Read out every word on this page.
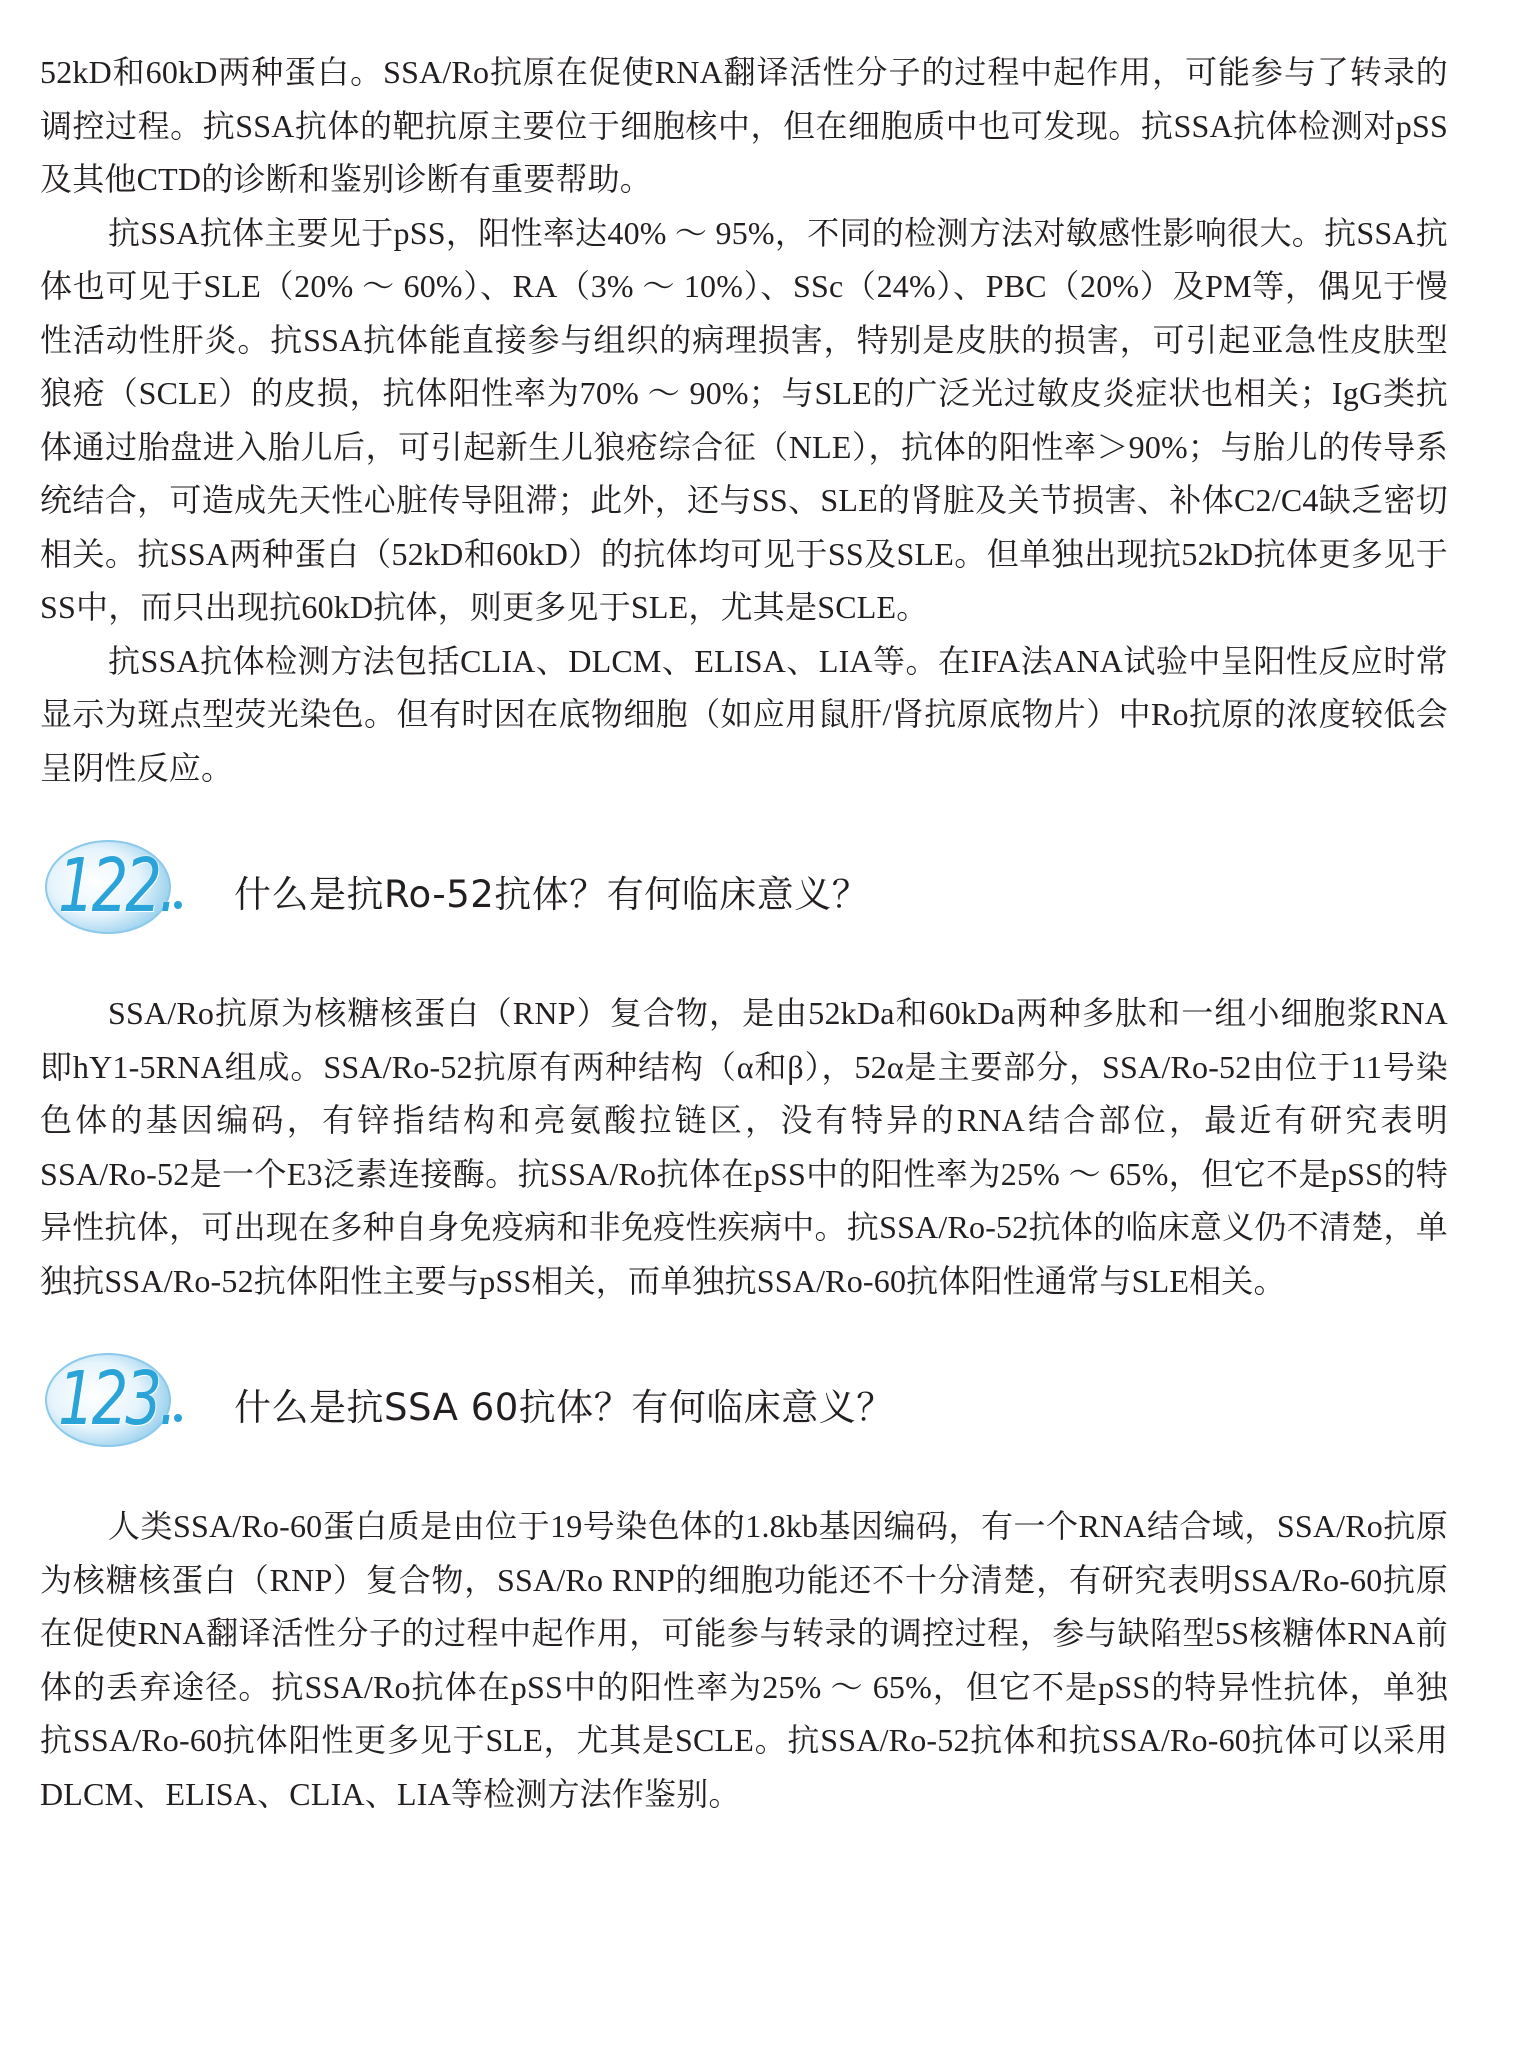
52kD和60kD两种蛋白。SSA/Ro抗原在促使RNA翻译活性分子的过程中起作用，可能参与了转录的调控过程。抗SSA抗体的靶抗原主要位于细胞核中，但在细胞质中也可发现。抗SSA抗体检测对pSS及其他CTD的诊断和鉴别诊断有重要帮助。

抗SSA抗体主要见于pSS，阳性率达40% ～ 95%，不同的检测方法对敏感性影响很大。抗SSA抗体也可见于SLE（20% ～ 60%）、RA（3% ～ 10%）、SSc（24%）、PBC（20%）及PM等，偶见于慢性活动性肝炎。抗SSA抗体能直接参与组织的病理损害，特别是皮肤的损害，可引起亚急性皮肤型狼疮（SCLE）的皮损，抗体阳性率为70% ～ 90%；与SLE的广泛光过敏皮炎症状也相关；IgG类抗体通过胎盘进入胎儿后，可引起新生儿狼疮综合征（NLE），抗体的阳性率＞90%；与胎儿的传导系统结合，可造成先天性心脏传导阻滞；此外，还与SS、SLE的肾脏及关节损害、补体C2/C4缺乏密切相关。抗SSA两种蛋白（52kD和60kD）的抗体均可见于SS及SLE。但单独出现抗52kD抗体更多见于SS中，而只出现抗60kD抗体，则更多见于SLE，尤其是SCLE。

抗SSA抗体检测方法包括CLIA、DLCM、ELISA、LIA等。在IFA法ANA试验中呈阳性反应时常显示为斑点型荧光染色。但有时因在底物细胞（如应用鼠肝/肾抗原底物片）中Ro抗原的浓度较低会呈阴性反应。

122. 什么是抗Ro-52抗体？有何临床意义？

SSA/Ro抗原为核糖核蛋白（RNP）复合物，是由52kDa和60kDa两种多肽和一组小细胞浆RNA即hY1-5RNA组成。SSA/Ro-52抗原有两种结构（α和β），52α是主要部分，SSA/Ro-52由位于11号染色体的基因编码，有锌指结构和亮氨酸拉链区，没有特异的RNA结合部位，最近有研究表明SSA/Ro-52是一个E3泛素连接酶。抗SSA/Ro抗体在pSS中的阳性率为25% ～ 65%，但它不是pSS的特异性抗体，可出现在多种自身免疫病和非免疫性疾病中。抗SSA/Ro-52抗体的临床意义仍不清楚，单独抗SSA/Ro-52抗体阳性主要与pSS相关，而单独抗SSA/Ro-60抗体阳性通常与SLE相关。

123. 什么是抗SSA 60抗体？有何临床意义？

人类SSA/Ro-60蛋白质是由位于19号染色体的1.8kb基因编码，有一个RNA结合域，SSA/Ro抗原为核糖核蛋白（RNP）复合物，SSA/Ro RNP的细胞功能还不十分清楚，有研究表明SSA/Ro-60抗原在促使RNA翻译活性分子的过程中起作用，可能参与转录的调控过程，参与缺陷型5S核糖体RNA前体的丢弃途径。抗SSA/Ro抗体在pSS中的阳性率为25% ～ 65%，但它不是pSS的特异性抗体，单独抗SSA/Ro-60抗体阳性更多见于SLE，尤其是SCLE。抗SSA/Ro-52抗体和抗SSA/Ro-60抗体可以采用DLCM、ELISA、CLIA、LIA等检测方法作鉴别。
